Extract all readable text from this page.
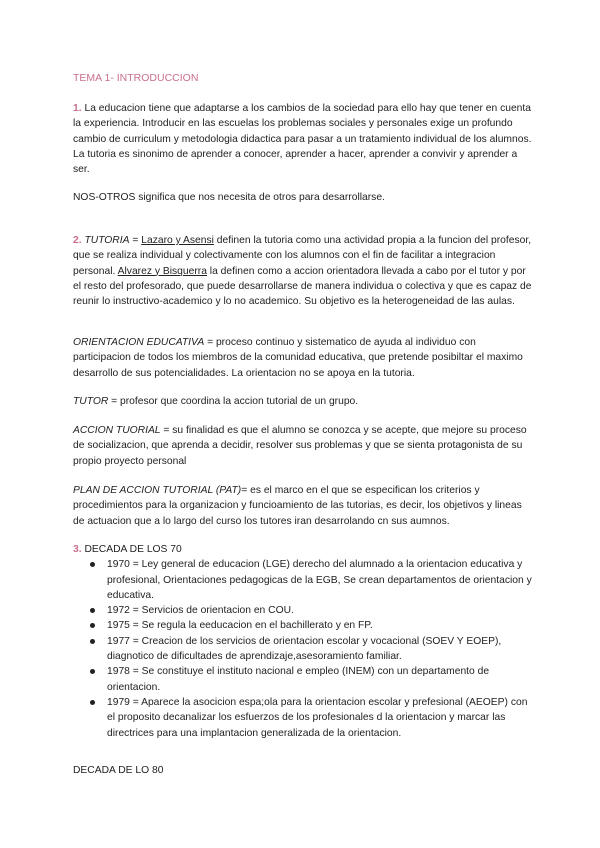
TEMA 1- INTRODUCCION

1. La educacion tiene que adaptarse a los cambios de la sociedad para ello hay que tener en cuenta la experiencia. Introducir en las escuelas los problemas sociales y personales exige un profundo cambio de curriculum y metodologia didactica para pasar a un tratamiento individual de los alumnos. La tutoria es sinonimo de aprender a conocer, aprender a hacer, aprender a convivir y aprender a ser.

NOS-OTROS significa que nos necesita de otros para desarrollarse.

2. TUTORIA = Lazaro y Asensi definen la tutoria como una actividad propia a la funcion del profesor, que se realiza individual y colectivamente con los alumnos con el fin de facilitar a integracion personal. Alvarez y Bisquerra la definen como a accion orientadora llevada a cabo por el tutor y por el resto del profesorado, que puede desarrollarse de manera individua o colectiva y que es capaz de reunir lo instructivo-academico y lo no academico. Su objetivo es la heterogeneidad de las aulas.

ORIENTACION EDUCATIVA = proceso continuo y sistematico de ayuda al individuo con participacion de todos los miembros de la comunidad educativa, que pretende posibiltar el maximo desarrollo de sus potencialidades. La orientacion no se apoya en la tutoria.

TUTOR = profesor que coordina la accion tutorial de un grupo.

ACCION TUORIAL = su finalidad es que el alumno se conozca y se acepte, que mejore su proceso de socializacion, que aprenda a decidir, resolver sus problemas y que se sienta protagonista de su propio proyecto personal

PLAN DE ACCION TUTORIAL (PAT)= es el marco en el que se especifican los criterios y procedimientos para la organizacion y funcioamiento de las tutorias, es decir, los objetivos y lineas de actuacion que a lo largo del curso los tutores iran desarrolando cn sus aumnos.

3. DECADA DE LOS 70
1970 = Ley general de educacion (LGE) derecho del alumnado a la orientacion educativa y profesional, Orientaciones pedagogicas de la EGB, Se crean departamentos de orientacion y educativa.
1972 = Servicios de orientacion en COU.
1975 = Se regula la eeducacion en el bachillerato y en FP.
1977 = Creacion de los servicios de orientacion escolar y vocacional (SOEV Y EOEP), diagnotico de dificultades de aprendizaje,asesoramiento familiar.
1978 = Se constituye el instituto nacional e empleo (INEM) con un departamento de orientacion.
1979 = Aparece la asocicion espa;ola para la orientacion escolar y prefesional (AEOEP) con el proposito decanalizar los esfuerzos de los profesionales d la orientacion y marcar las directrices para una implantacion generalizada de la orientacion.
DECADA DE LO 80
